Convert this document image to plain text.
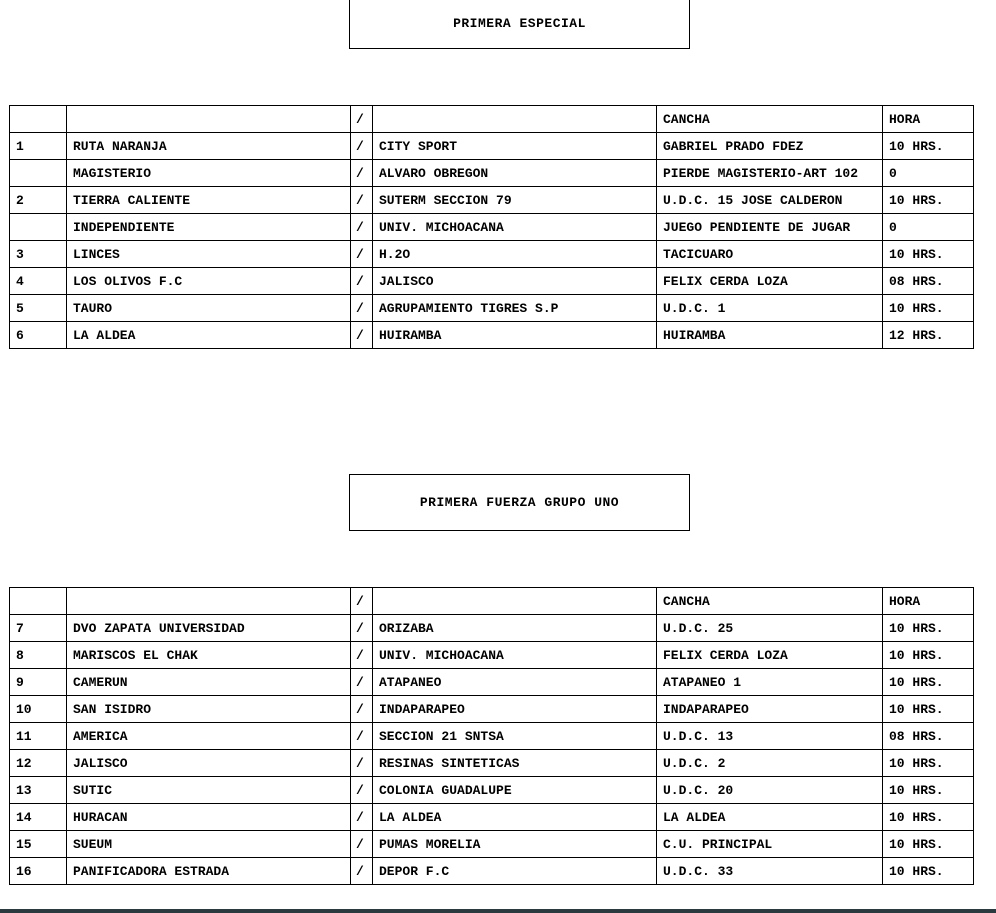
PRIMERA ESPECIAL
		/		CANCHA	HORA
1	RUTA NARANJA	/	CITY SPORT	GABRIEL PRADO FDEZ	10 HRS.
	MAGISTERIO	/	ALVARO OBREGON	PIERDE MAGISTERIO-ART 102	0
2	TIERRA CALIENTE	/	SUTERM SECCION 79	U.D.C. 15 JOSE CALDERON	10 HRS.
	INDEPENDIENTE	/	UNIV. MICHOACANA	JUEGO PENDIENTE DE JUGAR	0
3	LINCES	/	H.2O	TACICUARO	10 HRS.
4	LOS OLIVOS F.C	/	JALISCO	FELIX CERDA LOZA	08 HRS.
5	TAURO	/	AGRUPAMIENTO TIGRES S.P	U.D.C. 1	10 HRS.
6	LA ALDEA	/	HUIRAMBA	HUIRAMBA	12 HRS.
PRIMERA FUERZA GRUPO UNO
		/		CANCHA	HORA
7	DVO ZAPATA UNIVERSIDAD	/	ORIZABA	U.D.C. 25	10 HRS.
8	MARISCOS EL CHAK	/	UNIV. MICHOACANA	FELIX CERDA LOZA	10 HRS.
9	CAMERUN	/	ATAPANEO	ATAPANEO 1	10 HRS.
10	SAN ISIDRO	/	INDAPARAPEO	INDAPARAPEO	10 HRS.
11	AMERICA	/	SECCION 21 SNTSA	U.D.C. 13	08 HRS.
12	JALISCO	/	RESINAS SINTETICAS	U.D.C. 2	10 HRS.
13	SUTIC	/	COLONIA GUADALUPE	U.D.C. 20	10 HRS.
14	HURACAN	/	LA ALDEA	LA ALDEA	10 HRS.
15	SUEUM	/	PUMAS MORELIA	C.U. PRINCIPAL	10 HRS.
16	PANIFICADORA ESTRADA	/	DEPOR F.C	U.D.C. 33	10 HRS.
